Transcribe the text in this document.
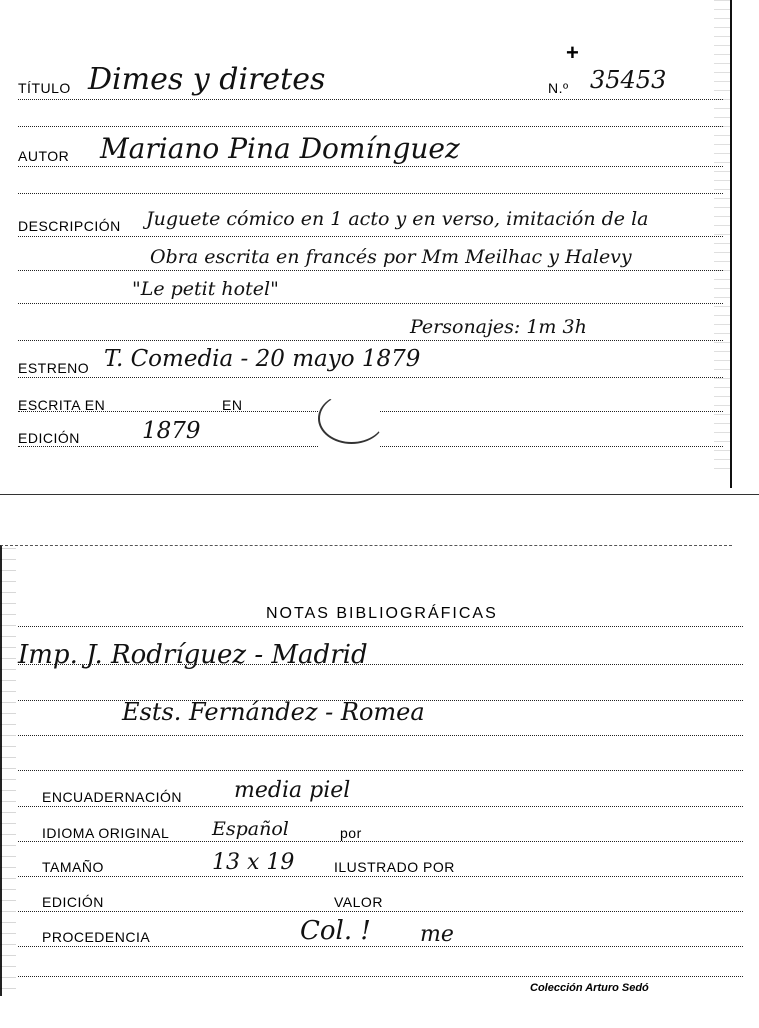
+
TÍTULO Dimes y diretes	N.º 35453
AUTOR Mariano Pina Domínguez
DESCRIPCIÓN Juguete cómico en 1 acto y en verso, imitación de la
Obra escrita en francés por Mm Meilhac y Halevy
"Le petit hotel"
Personajes: 1m 3h
ESTRENO T. Comedia - 20 mayo 1879
ESCRITA EN	EN
EDICIÓN	1879
NOTAS BIBLIOGRÁFICAS
Imp. J. Rodríguez - Madrid
Ests. Fernández - Romea
ENCUADERNACIÓN media piel
IDIOMA ORIGINAL Español	por
TAMAÑO	13 x 19	ILUSTRADO POR
EDICIÓN	VALOR
PROCEDENCIA	Col. ! me
Colección Arturo Sedó
